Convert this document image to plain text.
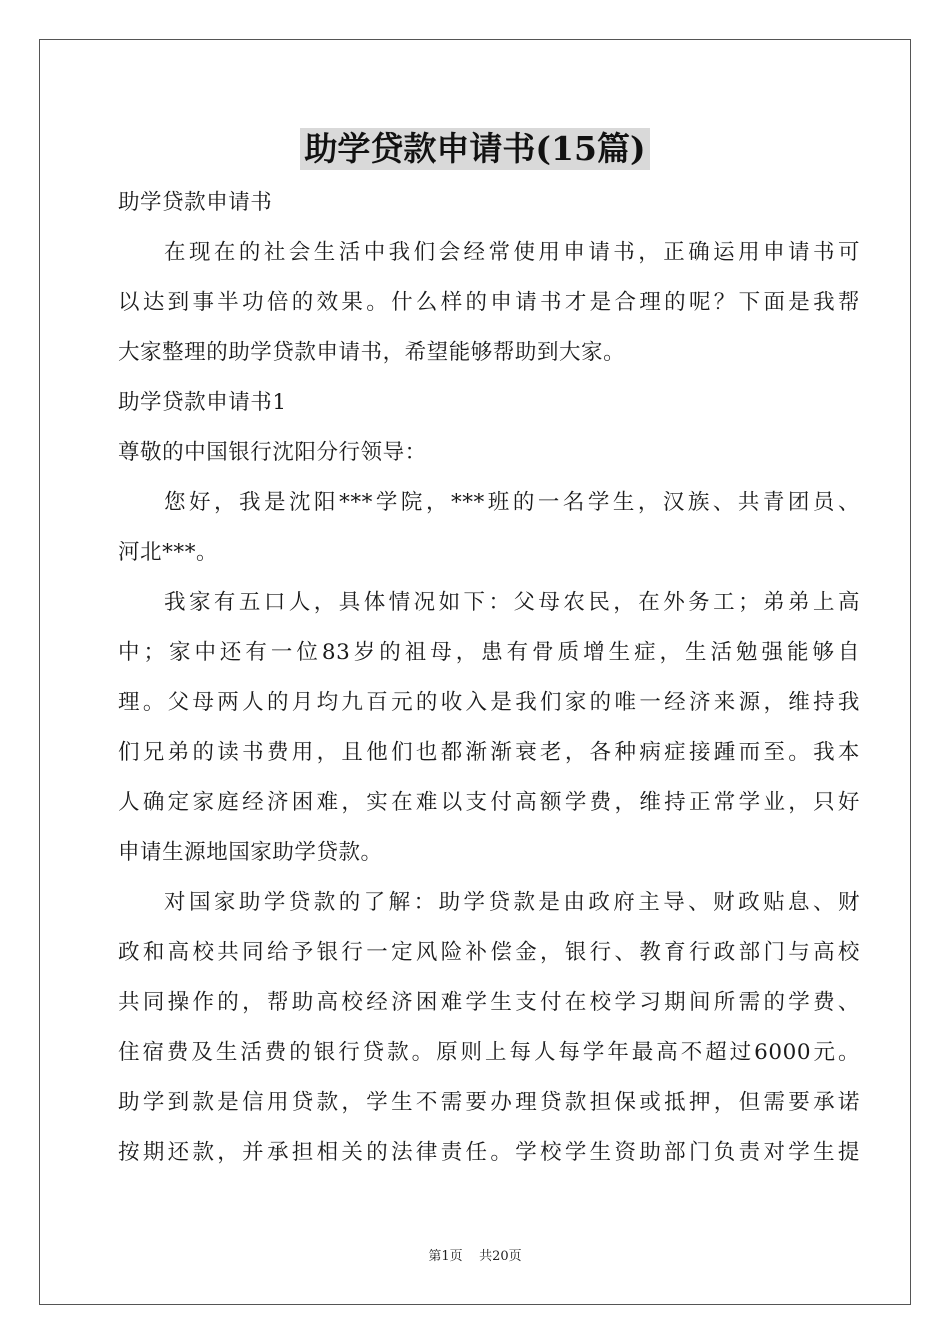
助学贷款申请书(15篇)
助学贷款申请书
在现在的社会生活中我们会经常使用申请书，正确运用申请书可
以达到事半功倍的效果。什么样的申请书才是合理的呢？下面是我帮
大家整理的助学贷款申请书，希望能够帮助到大家。
助学贷款申请书1
尊敬的中国银行沈阳分行领导：
您好，我是沈阳***学院，***班的一名学生，汉族、共青团员、
河北***。
我家有五口人，具体情况如下：父母农民，在外务工；弟弟上高
中；家中还有一位83岁的祖母，患有骨质增生症，生活勉强能够自
理。父母两人的月均九百元的收入是我们家的唯一经济来源，维持我
们兄弟的读书费用，且他们也都渐渐衰老，各种病症接踵而至。我本
人确定家庭经济困难，实在难以支付高额学费，维持正常学业，只好
申请生源地国家助学贷款。
对国家助学贷款的了解：助学贷款是由政府主导、财政贴息、财
政和高校共同给予银行一定风险补偿金，银行、教育行政部门与高校
共同操作的，帮助高校经济困难学生支付在校学习期间所需的学费、
住宿费及生活费的银行贷款。原则上每人每学年最高不超过6000元。
助学到款是信用贷款，学生不需要办理贷款担保或抵押，但需要承诺
按期还款，并承担相关的法律责任。学校学生资助部门负责对学生提
第1页 共20页
